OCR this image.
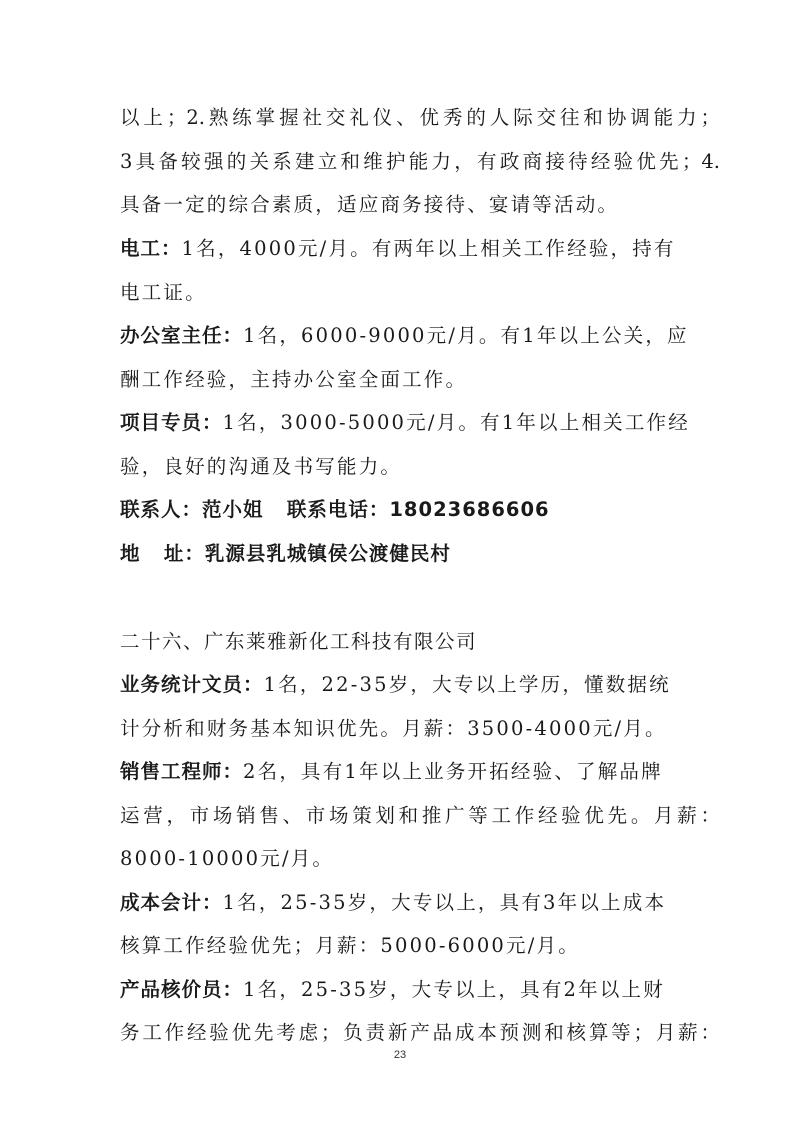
以上；2.熟练掌握社交礼仪、优秀的人际交往和协调能力；
3具备较强的关系建立和维护能力，有政商接待经验优先；4.
具备一定的综合素质，适应商务接待、宴请等活动。
电工：1名，4000元/月。有两年以上相关工作经验，持有
电工证。
办公室主任：1名，6000-9000元/月。有1年以上公关，应
酬工作经验，主持办公室全面工作。
项目专员：1名，3000-5000元/月。有1年以上相关工作经
验，良好的沟通及书写能力。
联系人：范小姐   联系电话：18023686606
地   址：乳源县乳城镇侯公渡健民村
二十六、广东莱雅新化工科技有限公司
业务统计文员：1名，22-35岁，大专以上学历，懂数据统
计分析和财务基本知识优先。月薪：3500-4000元/月。
销售工程师：2名，具有1年以上业务开拓经验、了解品牌
运营，市场销售、市场策划和推广等工作经验优先。月薪：
8000-10000元/月。
成本会计：1名，25-35岁，大专以上，具有3年以上成本
核算工作经验优先；月薪：5000-6000元/月。
产品核价员：1名，25-35岁，大专以上，具有2年以上财
务工作经验优先考虑；负责新产品成本预测和核算等；月薪：
23
